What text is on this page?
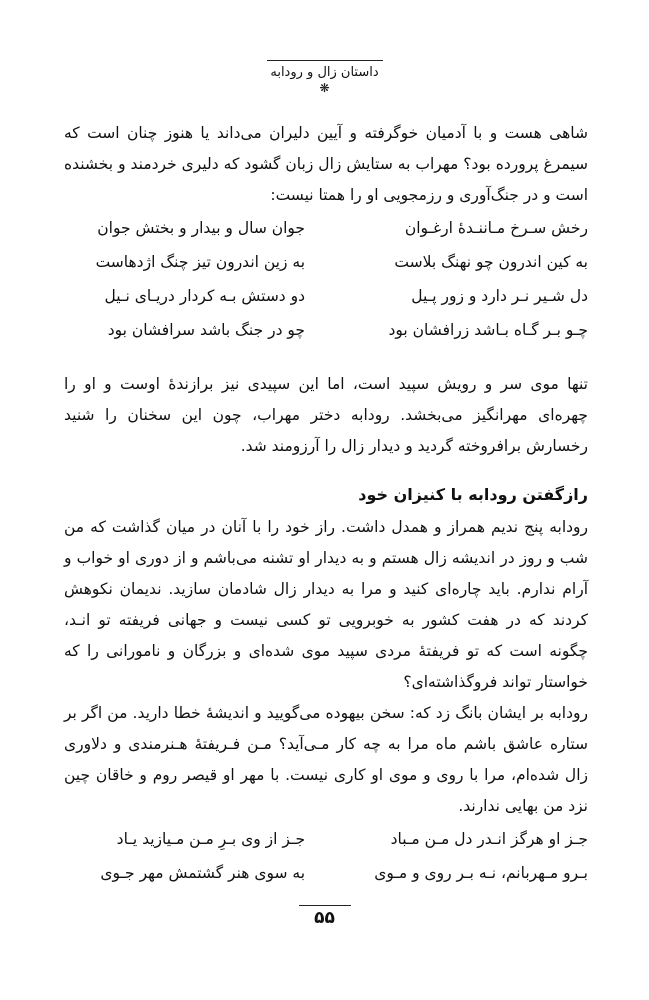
داستان زال و رودابه
❋

شاهی هست و با آدمیان خوگرفته و آیین دلیران می‌داند یا هنوز چنان است که سیمرغ پرورده بود؟ مهراب به ستایش زال زبان گشود که دلیری خردمند و بخشنده است و در جنگ‌آوری و رزمجویی او را همتا نیست:

رخش سـرخ مـاننـدۀ ارغـوان
جوان سال و بیدار و بختش جوان
به کین اندرون چو نهنگ بلاست
به زین اندرون تیز چنگ اژدهاست
دل شـیر نـر دارد و زور پـیل
دو دستش بـه کردار دریـای نـیل
چـو بـر گـاه بـاشد زرافشان بود
چو در جنگ باشد سرافشان بود

تنها موی سر و رویش سپید است، اما این سپیدی نیز برازندۀ اوست و او را چهره‌ای مهرانگیز می‌بخشد. رودابه دختر مهراب، چون این سخنان را شنید رخسارش برافروخته گردید و دیدار زال را آرزومند شد.

رازگفتن رودابه با کنیزان خود

رودابه پنج ندیم همراز و همدل داشت. راز خود را با آنان در میان گذاشت که من شب و روز در اندیشه زال هستم و به دیدار او تشنه می‌باشم و از دوری او خواب و آرام ندارم. باید چاره‌ای کنید و مرا به دیدار زال شادمان سازید. ندیمان نکوهش کردند که در هفت کشور به خوبرویی تو کسی نیست و جهانی فریفته تو انـد، چگونه است که تو فریفتۀ مردی سپید موی شده‌ای و بزرگان و نامورانی را که خواستار تواند فروگذاشته‌ای؟

رودابه بر ایشان بانگ زد که: سخن بیهوده می‌گویید و اندیشۀ خطا دارید. من اگر بر ستاره عاشق باشم ماه مرا به چه کار مـی‌آید؟ مـن فـریفتۀ هـنرمندی و دلاوری زال شده‌ام، مرا با روی و موی او کاری نیست. با مهر او قیصر روم و خاقان چین نزد من بهایی ندارند.

جـز او هرگز انـدر دل مـن مـباد
جـز از وی بـرِ مـن مـیازید یـاد
بـرو مـهربانم، نـه بـر روی و مـوی
به سوی هنر گشتمش مهر جـوی
۵۵
